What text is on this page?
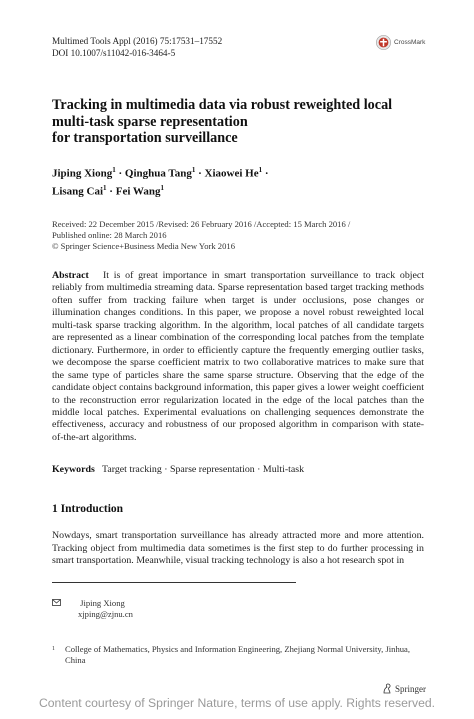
Multimed Tools Appl (2016) 75:17531–17552
DOI 10.1007/s11042-016-3464-5
CrossMark
Tracking in multimedia data via robust reweighted local
multi-task sparse representation
for transportation surveillance
Jiping Xiong$^1$ · Qinghua Tang$^1$ · Xiaowei $He^1$ ·
Lisang Cai$^1$ · Fei Wang$^1$
Received: 22 December 2015 /Revised: 26 February 2016 /Accepted: 15 March 2016 /
Published online: 28 March 2016
© Springer Science+Business Media New York 2016
Abstract It is of great importance in smart transportation surveillance to track object reliably from multimedia streaming data. Sparse representation based target tracking methods often suffer from tracking failure when target is under occlusions, pose changes or illumination changes conditions. In this paper, we propose a novel robust reweighted local multi-task sparse tracking algorithm. In the algorithm, local patches of all candidate targets are represented as a linear combination of the corresponding local patches from the template dictionary. Furthermore, in order to efficiently capture the frequently emerging outlier tasks, we decompose the sparse coefficient matrix to two collaborative matrices to make sure that the same type of particles share the same sparse structure. Observing that the edge of the candidate object contains background information, this paper gives a lower weight coefficient to the reconstruction error regularization located in the edge of the local patches than the middle local patches. Experimental evaluations on challenging sequences demonstrate the effectiveness, accuracy and robustness of our proposed algorithm in comparison with state-of-the-art algorithms.
Keywords Target tracking · Sparse representation · Multi-task
1 Introduction
Nowdays, smart transportation surveillance has already attracted more and more attention. Tracking object from multimedia data sometimes is the first step to do further processing in smart transportation. Meanwhile, visual tracking technology is also a hot research spot in
Jiping Xiong
xjping@zjnu.cn
1	College of Mathematics, Physics and Information Engineering, Zhejiang Normal University, Jinhua, China
Springer
Content courtesy of Springer Nature, terms of use apply. Rights reserved.
